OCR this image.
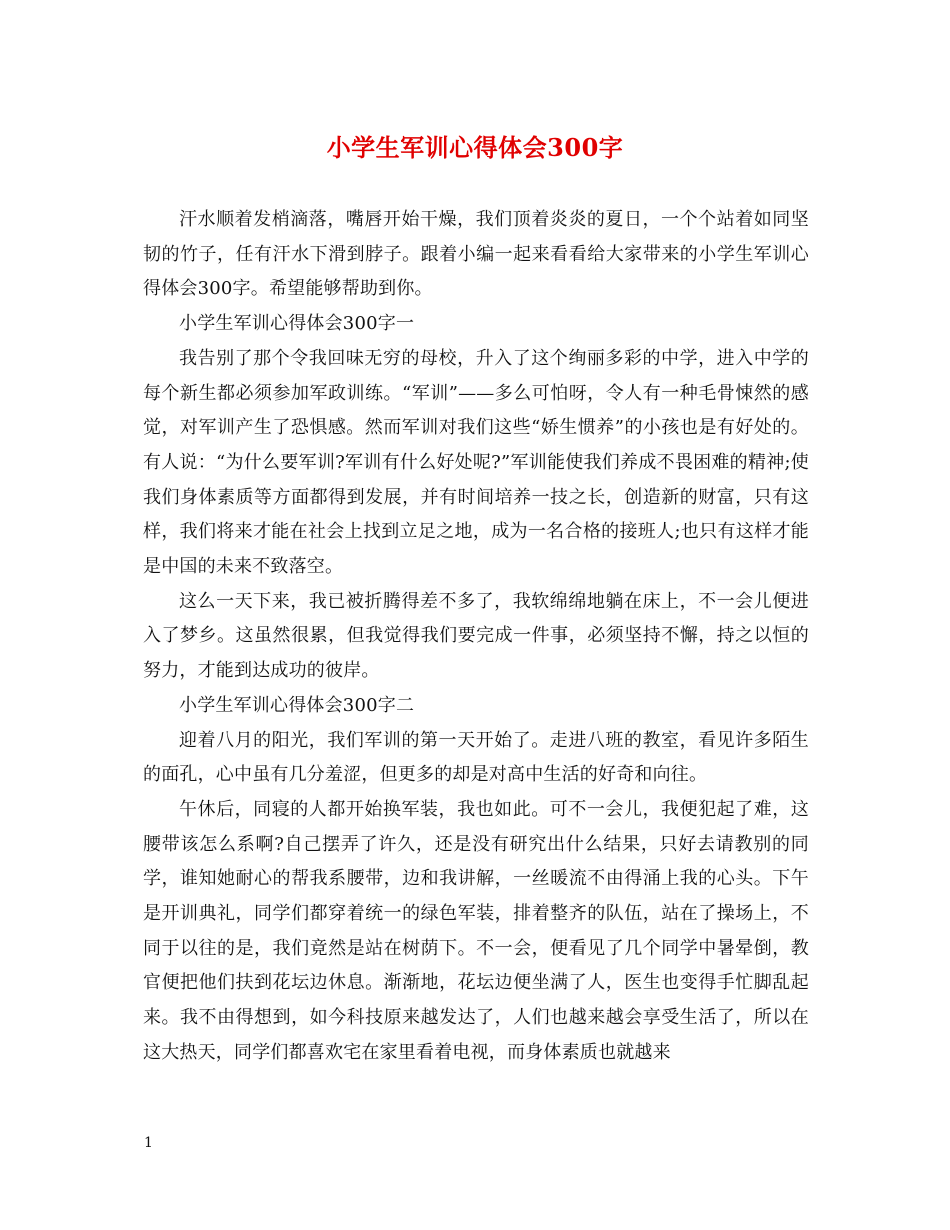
小学生军训心得体会300字

汗水顺着发梢滴落，嘴唇开始干燥，我们顶着炎炎的夏日，一个个站着如同坚韧的竹子，任有汗水下滑到脖子。跟着小编一起来看看给大家带来的小学生军训心得体会300字。希望能够帮助到你。

小学生军训心得体会300字一

我告别了那个令我回味无穷的母校，升入了这个绚丽多彩的中学，进入中学的每个新生都必须参加军政训练。“军训”——多么可怕呀，令人有一种毛骨悚然的感觉，对军训产生了恐惧感。然而军训对我们这些“娇生惯养”的小孩也是有好处的。有人说：“为什么要军训?军训有什么好处呢?”军训能使我们养成不畏困难的精神;使我们身体素质等方面都得到发展，并有时间培养一技之长，创造新的财富，只有这样，我们将来才能在社会上找到立足之地，成为一名合格的接班人;也只有这样才能是中国的未来不致落空。

这么一天下来，我已被折腾得差不多了，我软绵绵地躺在床上，不一会儿便进入了梦乡。这虽然很累，但我觉得我们要完成一件事，必须坚持不懈，持之以恒的努力，才能到达成功的彼岸。

小学生军训心得体会300字二

迎着八月的阳光，我们军训的第一天开始了。走进八班的教室，看见许多陌生的面孔，心中虽有几分羞涩，但更多的却是对高中生活的好奇和向往。

午休后，同寝的人都开始换军装，我也如此。可不一会儿，我便犯起了难，这腰带该怎么系啊?自己摆弄了许久，还是没有研究出什么结果，只好去请教别的同学，谁知她耐心的帮我系腰带，边和我讲解，一丝暖流不由得涌上我的心头。下午是开训典礼，同学们都穿着统一的绿色军装，排着整齐的队伍，站在了操场上，不同于以往的是，我们竟然是站在树荫下。不一会，便看见了几个同学中暑晕倒，教官便把他们扶到花坛边休息。渐渐地，花坛边便坐满了人，医生也变得手忙脚乱起来。我不由得想到，如今科技原来越发达了，人们也越来越会享受生活了，所以在这大热天，同学们都喜欢宅在家里看着电视，而身体素质也就越来

1
